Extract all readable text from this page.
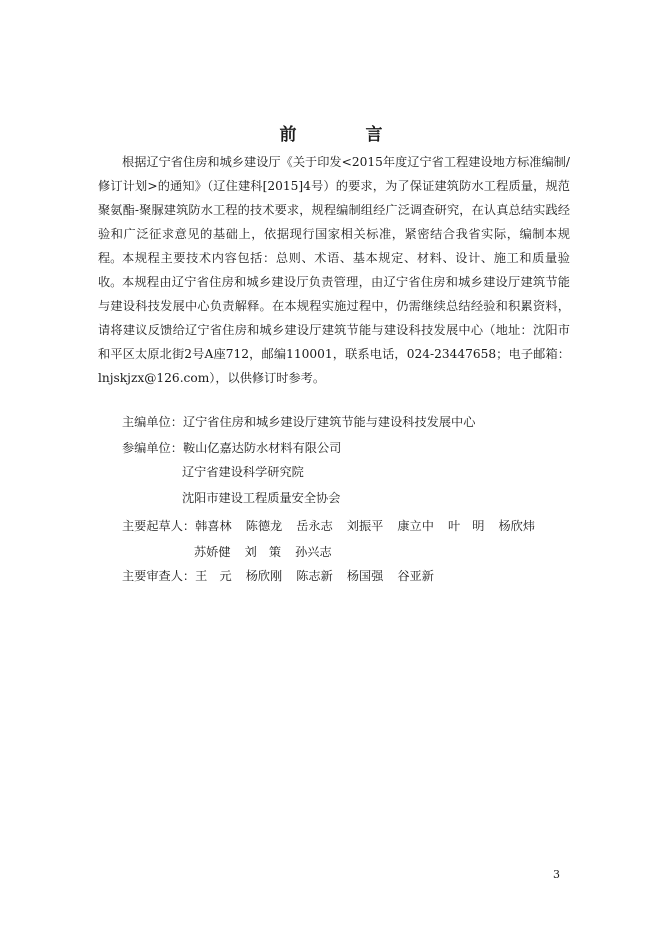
前　言

根据辽宁省住房和城乡建设厅《关于印发<2015年度辽宁省工程建设地方标准编制/修订计划>的通知》（辽住建科[2015]4号）的要求，为了保证建筑防水工程质量，规范聚氨酯-聚脲建筑防水工程的技术要求，规程编制组经广泛调查研究，在认真总结实践经验和广泛征求意见的基础上，依据现行国家相关标准，紧密结合我省实际，编制本规程。 本规程主要技术内容包括：总则、术语、基本规定、材料、设计、施工和质量验收。 本规程由辽宁省住房和城乡建设厅负责管理，由辽宁省住房和城乡建设厅建筑节能与建设科技发展中心负责解释。在本规程实施过程中，仍需继续总结经验和积累资料，请将建议反馈给辽宁省住房和城乡建设厅建筑节能与建设科技发展中心（地址：沈阳市和平区太原北街2号A座712，邮编110001，联系电话，024-23447658；电子邮箱：lnjskjzx@126.com），以供修订时参考。

主编单位：辽宁省住房和城乡建设厅建筑节能与建设科技发展中心
参编单位：鞍山亿嘉达防水材料有限公司
辽宁省建设科学研究院
沈阳市建设工程质量安全协会
主要起草人：韩喜林 陈德龙 岳永志 刘振平 康立中 叶　明 杨欣炜
苏娇健 刘　策 孙兴志
主要审查人：王　元 杨欣刚 陈志新 杨国强 谷亚新
3
